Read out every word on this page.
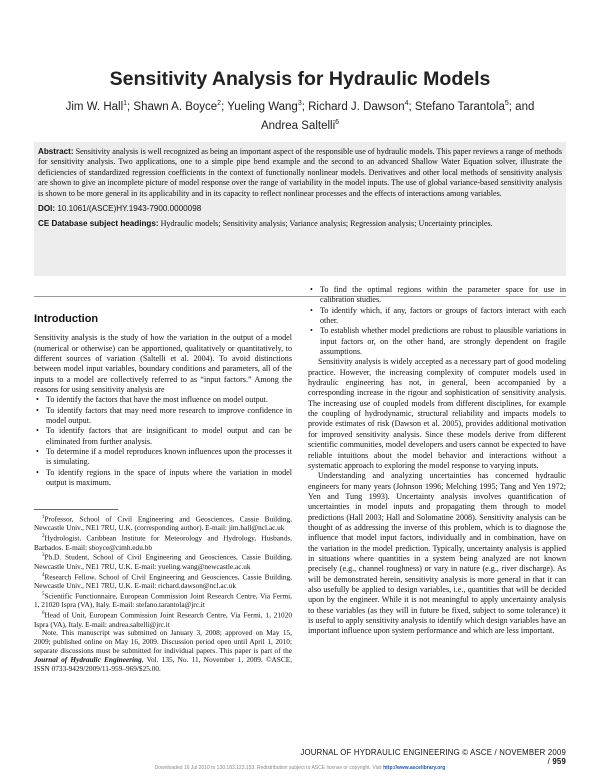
Sensitivity Analysis for Hydraulic Models
Jim W. Hall$^1$; Shawn A. Boyce$^2$; Yueling Wang$^3$; Richard J. Dawson$^4$; Stefano Tarantola$^5$; and Andrea Saltelli$^6$
Abstract: Sensitivity analysis is well recognized as being an important aspect of the responsible use of hydraulic models. This paper reviews a range of methods for sensitivity analysis. Two applications, one to a simple pipe bend example and the second to an advanced Shallow Water Equation solver, illustrate the deficiencies of standardized regression coefficients in the context of functionally nonlinear models. Derivatives and other local methods of sensitivity analysis are shown to give an incomplete picture of model response over the range of variability in the model inputs. The use of global variance-based sensitivity analysis is shown to be more general in its applicability and in its capacity to reflect nonlinear processes and the effects of interactions among variables.
DOI: 10.1061/(ASCE)HY.1943-7900.0000098
CE Database subject headings: Hydraulic models; Sensitivity analysis; Variance analysis; Regression analysis; Uncertainty principles.
Introduction

Sensitivity analysis is the study of how the variation in the output of a model (numerical or otherwise) can be apportioned, qualitatively or quantitatively, to different sources of variation (Saltelli et al. 2004). To avoid distinctions between model input variables, boundary conditions and parameters, all of the inputs to a model are collectively referred to as “input factors.” Among the reasons for using sensitivity analysis are

• To identify the factors that have the most influence on model output.
• To identify factors that may need more research to improve confidence in model output.
• To identify factors that are insignificant to model output and can be eliminated from further analysis.
• To determine if a model reproduces known influences upon the processes it is simulating.
• To identify regions in the space of inputs where the variation in model output is maximum.

$^1$Professor, School of Civil Engineering and Geosciences, Cassie Building, Newcastle Univ., NE1 7RU, U.K. (corresponding author). E-mail: jim.hall@ncl.ac.uk

$^2$Hydrologist, Caribbean Institute for Meteorology and Hydrology, Husbands, Barbados. E-mail: sboyce@cimh.edu.bb

$^3$Ph.D. Student, School of Civil Engineering and Geosciences, Cassie Building, Newcastle Univ., NE1 7RU, U.K. E-mail: yueling.wang@newcastle.ac.uk

$^4$Research Fellow, School of Civil Engineering and Geosciences, Cassie Building, Newcastle Univ., NE1 7RU, U.K. E-mail: richard.dawson@ncl.ac.uk

$^5$Scientific Functionnaire, European Commission Joint Research Centre, Via Fermi, 1, 21020 Ispra (VA), Italy. E-mail: stefano.tarantola@jrc.it

$^6$Head of Unit, European Commission Joint Research Centre, Via Fermi, 1, 21020 Ispra (VA), Italy. E-mail: andrea.saltelli@jrc.it

Note. This manuscript was submitted on January 3, 2008; approved on May 15, 2009; published online on May 16, 2009. Discussion period open until April 1, 2010; separate discussions must be submitted for individual papers. This paper is part of the Journal of Hydraulic Engineering, Vol. 135, No. 11, November 1, 2009. ©ASCE, ISSN 0733-9429/2009/11-959–969/$25.00.

• To find the optimal regions within the parameter space for use in calibration studies.
• To identify which, if any, factors or groups of factors interact with each other.
• To establish whether model predictions are robust to plausible variations in input factors or, on the other hand, are strongly dependent on fragile assumptions.

Sensitivity analysis is widely accepted as a necessary part of good modeling practice. However, the increasing complexity of computer models used in hydraulic engineering has not, in general, been accompanied by a corresponding increase in the rigour and sophistication of sensitivity analysis. The increasing use of coupled models from different disciplines, for example the coupling of hydrodynamic, structural reliability and impacts models to provide estimates of risk (Dawson et al. 2005), provides additional motivation for improved sensitivity analysis. Since these models derive from different scientific communities, model developers and users cannot be expected to have reliable intuitions about the model behavior and interactions without a systematic approach to exploring the model response to varying inputs.

Understanding and analyzing uncertainties has concerned hydraulic engineers for many years (Johnson 1996; Melching 1995; Tang and Yen 1972; Yen and Tung 1993). Uncertainty analysis involves quantification of uncertainties in model inputs and propagating them through to model predictions (Hall 2003; Hall and Solomatine 2008). Sensitivity analysis can be thought of as addressing the inverse of this problem, which is to diagnose the influence that model input factors, individually and in combination, have on the variation in the model prediction. Typically, uncertainty analysis is applied in situations where quantities in a system being analyzed are not known precisely (e.g., channel roughness) or vary in nature (e.g., river discharge). As will be demonstrated herein, sensitivity analysis is more general in that it can also usefully be applied to design variables, i.e., quantities that will be decided upon by the engineer. While it is not meaningful to apply uncertainty analysis to these variables (as they will in future be fixed, subject to some tolerance) it is useful to apply sensitivity analysis to identify which design variables have an important influence upon system performance and which are less important.

JOURNAL OF HYDRAULIC ENGINEERING © ASCE / NOVEMBER 2009 / 959
Downloaded 16 Jul 2010 to 130.183.123.153. Redistribution subject to ASCE license or copyright. Visit http://www.ascelibrary.org
